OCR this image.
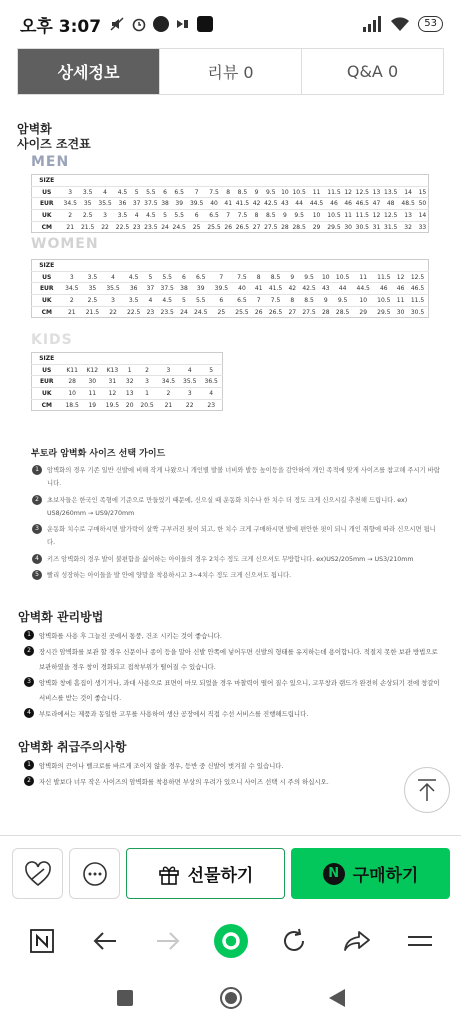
오후 3:07	53
상세정보	리뷰 0	Q&A 0
암벽화
사이즈 조견표
MEN
SIZE																								
US	3	3.5	4	4.5	5	5.5	6	6.5	7	7.5	8	8.5	9	9.5	10	10.5	11	11.5	12	12.5	13	13.5	14	15
EUR	34.5	35	35.5	36	37	37.5	38	39	39.5	40	41	41.5	42	42.5	43	44	44.5	46	46	46.5	47	48	48.5	50
UK	2	2.5	3	3.5	4	4.5	5	5.5	6	6.5	7	7.5	8	8.5	9	9.5	10	10.5	11	11.5	12	12.5	13	14
CM	21	21.5	22	22.5	23	23.5	24	24.5	25	25.5	26	26.5	27	27.5	28	28.5	29	29.5	30	30.5	31	31.5	32	33
WOMEN
SIZE																				
US	3	3.5	4	4.5	5	5.5	6	6.5	7	7.5	8	8.5	9	9.5	10	10.5	11	11.5	12	12.5
EUR	34.5	35	35.5	36	37	37.5	38	39	39.5	40	41	41.5	42	42.5	43	44	44.5	46	46	46.5
UK	2	2.5	3	3.5	4	4.5	5	5.5	6	6.5	7	7.5	8	8.5	9	9.5	10	10.5	11	11.5
CM	21	21.5	22	22.5	23	23.5	24	24.5	25	25.5	26	26.5	27	27.5	28	28.5	29	29.5	30	30.5
KIDS
SIZE								
US	K11	K12	K13	1	2	3	4	5
EUR	28	30	31	32	3	34.5	35.5	36.5
UK	10	11	12	13	1	2	3	4
CM	18.5	19	19.5	20	20.5	21	22	23
부토라 암벽화 사이즈 선택 가이드
1	암벽화의 경우 기존 일반 신발에 비해 작게 나왔으니 개인별 발볼 너비와 발등 높이등을 감안하여 개인 족적에 맞게 사이즈를 참고해 주시기 바랍니다.
2	초보자들은 한국인 족형에 기준으로 만들었기 때문에, 신으실 때 운동화 치수나 한 치수 더 정도 크게 신으시길 추천해 드립니다. ex) US8/260mm → US9/270mm
3	운동화 치수로 구매하시면 발가락이 살짝 구부러진 핏이 되고, 한 치수 크게 구매하시면 발에 편안한 핏이 되니 개인 취향에 따라 신으시면 됩니다.
4	키즈 암벽화의 경우 발이 불편함을 싫어하는 아이들의 경우 2치수 정도 크게 신으셔도 무방합니다. ex)US2/205mm → US3/210mm
5	빨리 성장하는 아이들을 발 안에 양말을 착용하시고 3~4치수 정도 크게 신으셔도 됩니다.
암벽화 관리방법
1	암벽화를 사용 후 그늘진 곳에서 통풍, 건조 시키는 것이 좋습니다.
2	장시간 암벽화를 보관 할 경우 신문이나 종이 등을 말아 신발 안쪽에 넣어두면 신발의 형태를 유지하는데 용이합니다. 적절지 못한 보관 방법으로 보관하였을 경우 창이 경화되고 접착부위가 떨어질 수 있습니다.
3	암벽화 창에 흠집이 생기거나, 과대 사용으로 표면이 마모 되었을 경우 마찰력이 떨어 질수 있으니, 고무창과 랜드가 완전히 손상되기 전에 창갈이 서비스를 받는 것이 좋습니다.
4	부토라에서는 제품과 동일한 고무를 사용하여 생산 공장에서 직접 수선 서비스를 진행해드립니다.
암벽화 취급주의사항
1	암벽화의 끈이나 벨크로를 바르게 조이지 않을 경우, 등반 중 신발이 벗겨질 수 있습니다.
2	자신 발보다 너무 작은 사이즈의 암벽화를 착용하면 부상의 우려가 있으니 사이즈 선택 시 주의 하십시오.
선물하기	N 구매하기
